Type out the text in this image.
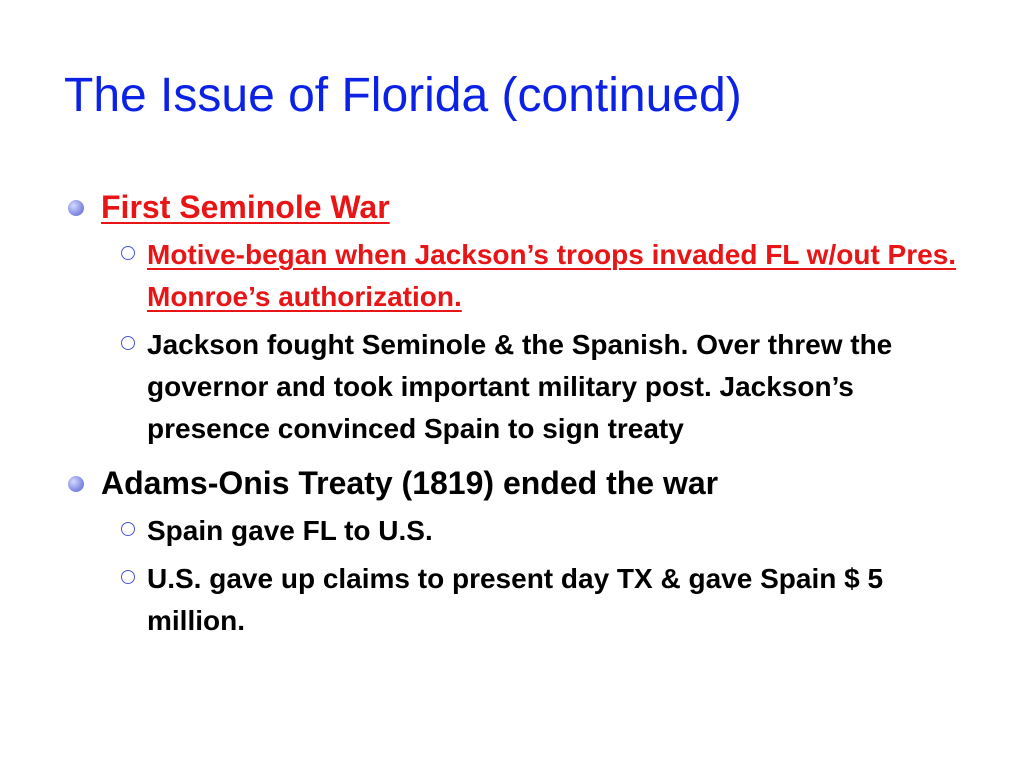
The Issue of Florida (continued)
First Seminole War
Motive-began when Jackson’s troops invaded FL w/out Pres. Monroe’s authorization.
Jackson fought Seminole & the Spanish. Over threw the governor and took important military post. Jackson’s presence convinced Spain to sign treaty
Adams-Onis Treaty (1819) ended the war
Spain gave FL to U.S.
U.S. gave up claims to present day TX & gave Spain $ 5 million.
